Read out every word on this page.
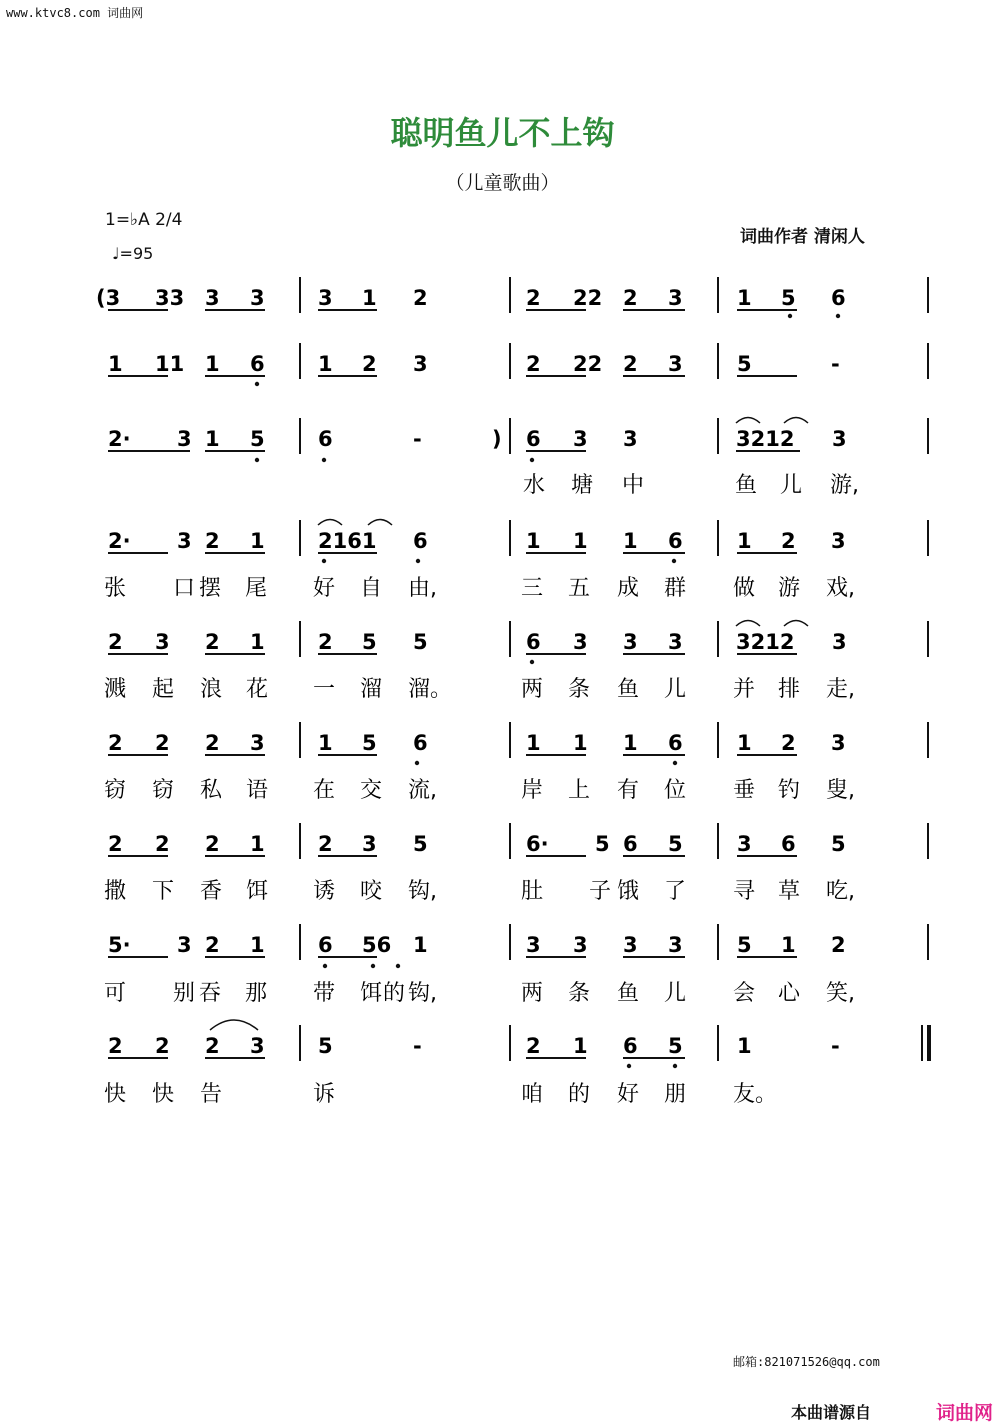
www.ktvc8.com 词曲网
聪明鱼儿不上钩
（儿童歌曲）
1=♭A 2/4
♩=95
词曲作者 清闲人
邮箱:821071526@qq.com
本曲谱源自	词曲网
(3 33 3 3	3 1 2	2 22 2 3	1 5 6
1 11 1 6	1 2 3	2 22 2 3	5	-
2· 3 1 5	6	-	) 6 3 3	3212 3
水 塘 中	鱼 儿 游,
2· 3 2 1	2161 6	1 1 1 6	1 2 3
张 口 摆 尾 好 自 由,	三 五 成 群 做 游 戏,
2 3 2 1	2 5 5	6 3 3 3	3212 3
溅 起 浪 花 一 溜 溜。	两 条 鱼 儿 并 排 走,
2 2 2 3	1 5 6	1 1 1 6	1 2 3
窃 窃 私 语 在 交 流,	岸 上 有 位 垂 钓 叟,
2 2 2 1	2 3 5	6· 5 6 5	3 6 5
撒 下 香 饵 诱 咬 钩,	肚 子 饿 了 寻 草 吃,
5· 3 2 1	6 56 1	3 3 3 3	5 1 2
可 别 吞 那 带 饵 的 钩,	两 条 鱼 儿 会 心 笑,
2 2 2 3	5	-	2 1 6 5	1	-
快 快 告	诉	咱 的 好 朋 友。
